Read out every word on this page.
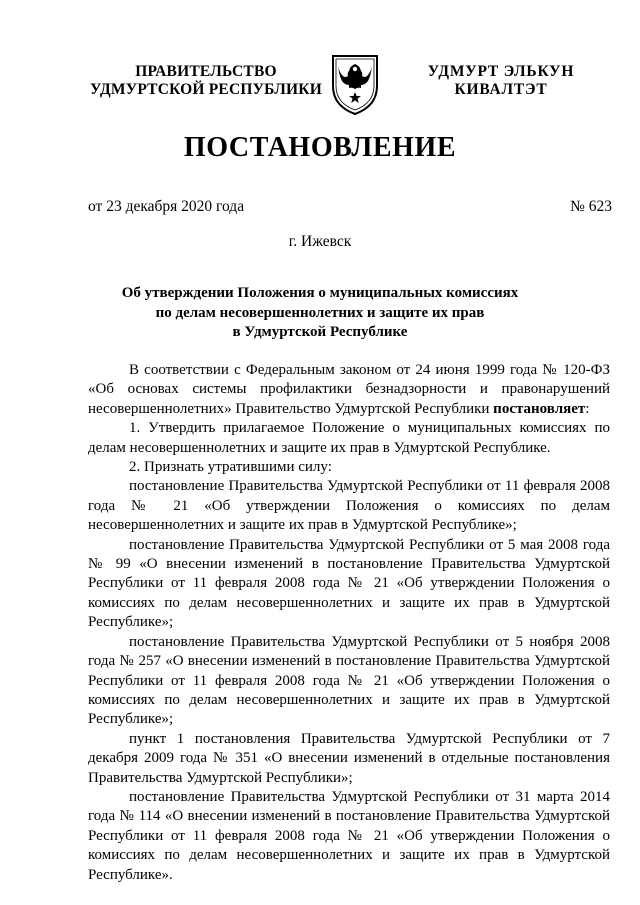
ПРАВИТЕЛЬСТВО
УДМУРТСКОЙ РЕСПУБЛИКИ
УДМУРТ ЭЛЬКУН
КИВАЛТЭТ
ПОСТАНОВЛЕНИЕ
от 23 декабря 2020 года	№ 623
г. Ижевск
Об утверждении Положения о муниципальных комиссиях
по делам несовершеннолетних и защите их прав
в Удмуртской Республике

В соответствии с Федеральным законом от 24 июня 1999 года № 120-ФЗ «Об основах системы профилактики безнадзорности и правонарушений несовершеннолетних» Правительство Удмуртской Республики постановляет:

1. Утвердить прилагаемое Положение о муниципальных комиссиях по делам несовершеннолетних и защите их прав в Удмуртской Республике.

2. Признать утратившими силу:

постановление Правительства Удмуртской Республики от 11 февраля 2008 года № 21 «Об утверждении Положения о комиссиях по делам несовершеннолетних и защите их прав в Удмуртской Республике»;

постановление Правительства Удмуртской Республики от 5 мая 2008 года № 99 «О внесении изменений в постановление Правительства Удмуртской Республики от 11 февраля 2008 года № 21 «Об утверждении Положения о комиссиях по делам несовершеннолетних и защите их прав в Удмуртской Республике»;

постановление Правительства Удмуртской Республики от 5 ноября 2008 года № 257 «О внесении изменений в постановление Правительства Удмуртской Республики от 11 февраля 2008 года № 21 «Об утверждении Положения о комиссиях по делам несовершеннолетних и защите их прав в Удмуртской Республике»;

пункт 1 постановления Правительства Удмуртской Республики от 7 декабря 2009 года № 351 «О внесении изменений в отдельные постановления Правительства Удмуртской Республики»;

постановление Правительства Удмуртской Республики от 31 марта 2014 года № 114 «О внесении изменений в постановление Правительства Удмуртской Республики от 11 февраля 2008 года № 21 «Об утверждении Положения о комиссиях по делам несовершеннолетних и защите их прав в Удмуртской Республике».
